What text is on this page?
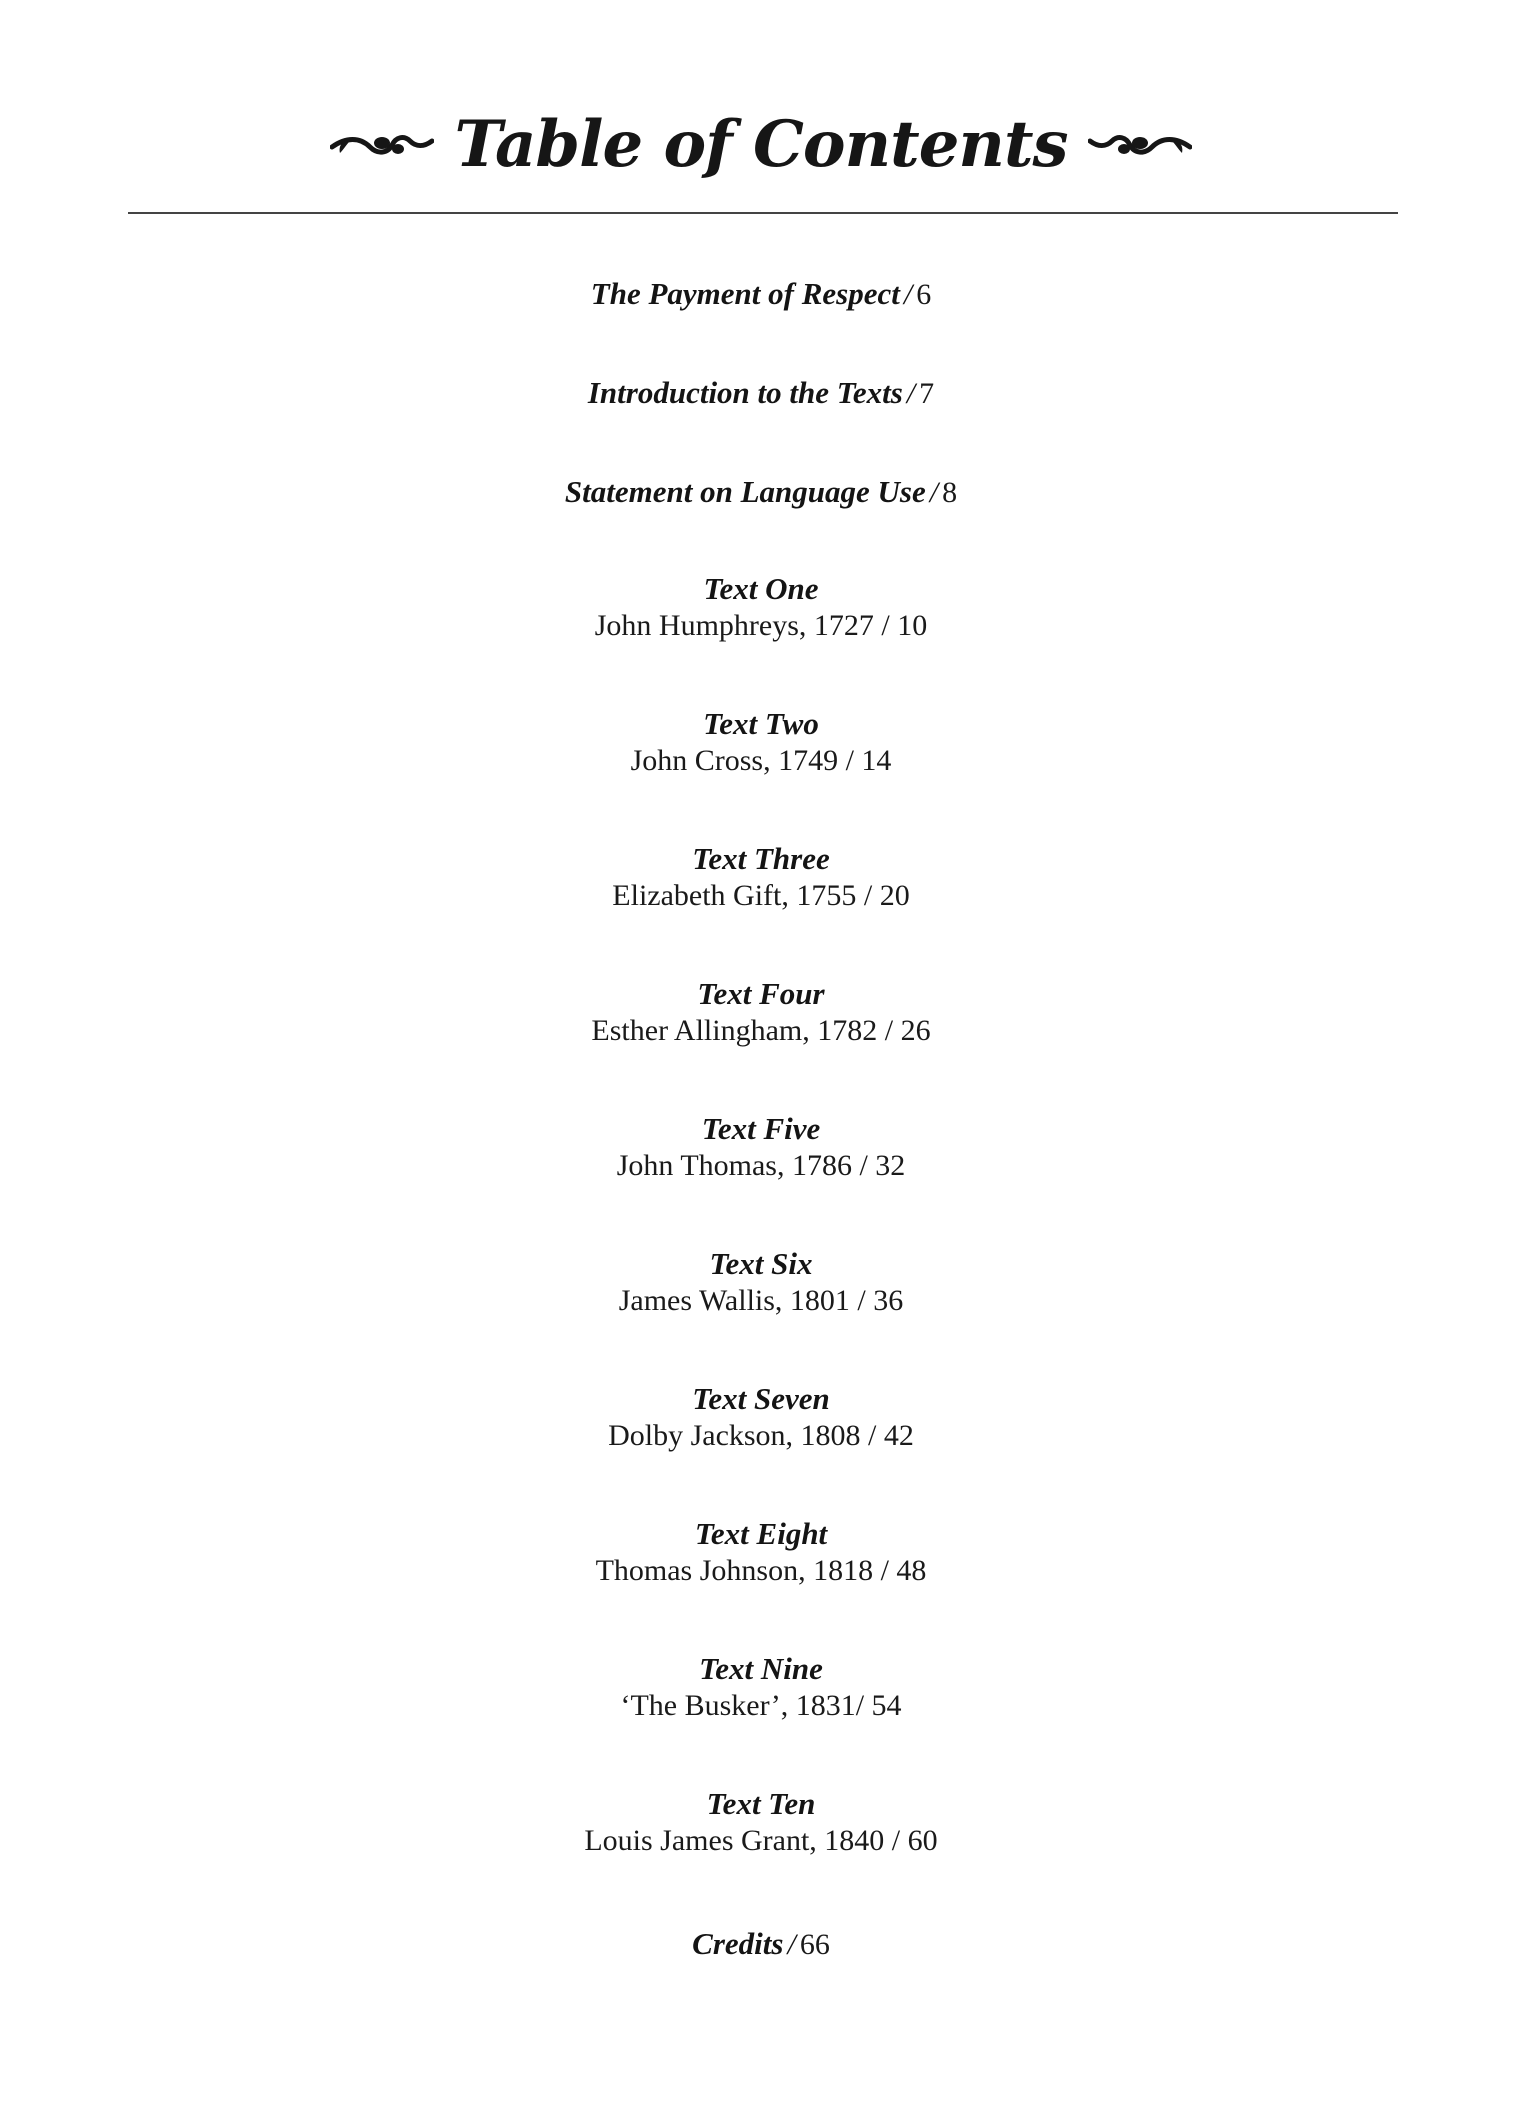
Table of Contents
The Payment of Respect / 6
Introduction to the Texts / 7
Statement on Language Use / 8
Text One
John Humphreys, 1727 / 10
Text Two
John Cross, 1749 / 14
Text Three
Elizabeth Gift, 1755 / 20
Text Four
Esther Allingham, 1782 / 26
Text Five
John Thomas, 1786 / 32
Text Six
James Wallis, 1801 / 36
Text Seven
Dolby Jackson, 1808 / 42
Text Eight
Thomas Johnson, 1818 / 48
Text Nine
‘The Busker’, 1831/ 54
Text Ten
Louis James Grant, 1840 / 60
Credits / 66
